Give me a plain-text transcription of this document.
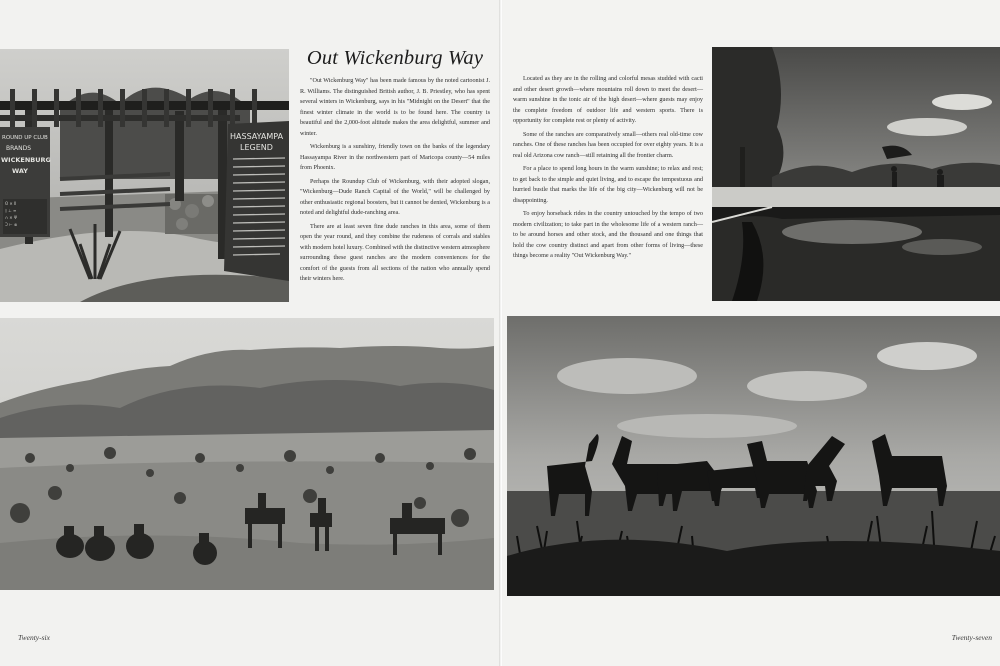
ʘ ✕ Ⅱ
◊ ⊥ ≡
∩ ✕ Ψ
Ɔ ⊢ ⊗
ROUND UP CLUB
BRANDS
WICKENBURG
WAY
HASSAYAMPA
LEGEND
Out Wickenburg Way

"Out Wickenburg Way" has been made famous by the noted cartoonist J. R. Williams. The distinguished British author, J. B. Priestley, who has spent several winters in Wickenburg, says in his "Midnight on the Desert" that the finest winter climate in the world is to be found here. The country is beautiful and the 2,000-foot altitude makes the area delightful, summer and winter.

Wickenburg is a sunshiny, friendly town on the banks of the legendary Hassayampa River in the northwestern part of Maricopa county—54 miles from Phoenix.

Perhaps the Roundup Club of Wickenburg, with their adopted slogan, "Wickenburg—Dude Ranch Capital of the World," will be challenged by other enthusiastic regional boosters, but it cannot be denied, Wickenburg is a noted and delightful dude-ranching area.

There are at least seven fine dude ranches in this area, some of them open the year round, and they combine the rudeness of corrals and stables with modern hotel luxury. Combined with the distinctive western atmosphere surrounding these guest ranches are the modern conveniences for the comfort of the guests from all sections of the nation who annually spend their winters here.

Twenty-six

Located as they are in the rolling and colorful mesas studded with cacti and other desert growth—where mountains roll down to meet the desert—warm sunshine in the tonic air of the high desert—where guests may enjoy the complete freedom of outdoor life and western sports. There is opportunity for complete rest or plenty of activity.

Some of the ranches are comparatively small—others real old-time cow ranches. One of these ranches has been occupied for over eighty years. It is a real old Arizona cow ranch—still retaining all the frontier charm.

For a place to spend long hours in the warm sunshine; to relax and rest; to get back to the simple and quiet living, and to escape the tempestuous and hurried bustle that marks the life of the big city—Wickenburg will not be disappointing.

To enjoy horseback rides in the country untouched by the tempo of two modern civilization; to take part in the wholesome life of a western ranch—to be around horses and other stock, and the thousand and one things that hold the cow country distinct and apart from other forms of living—these things become a reality "Out Wickenburg Way."

Twenty-seven
